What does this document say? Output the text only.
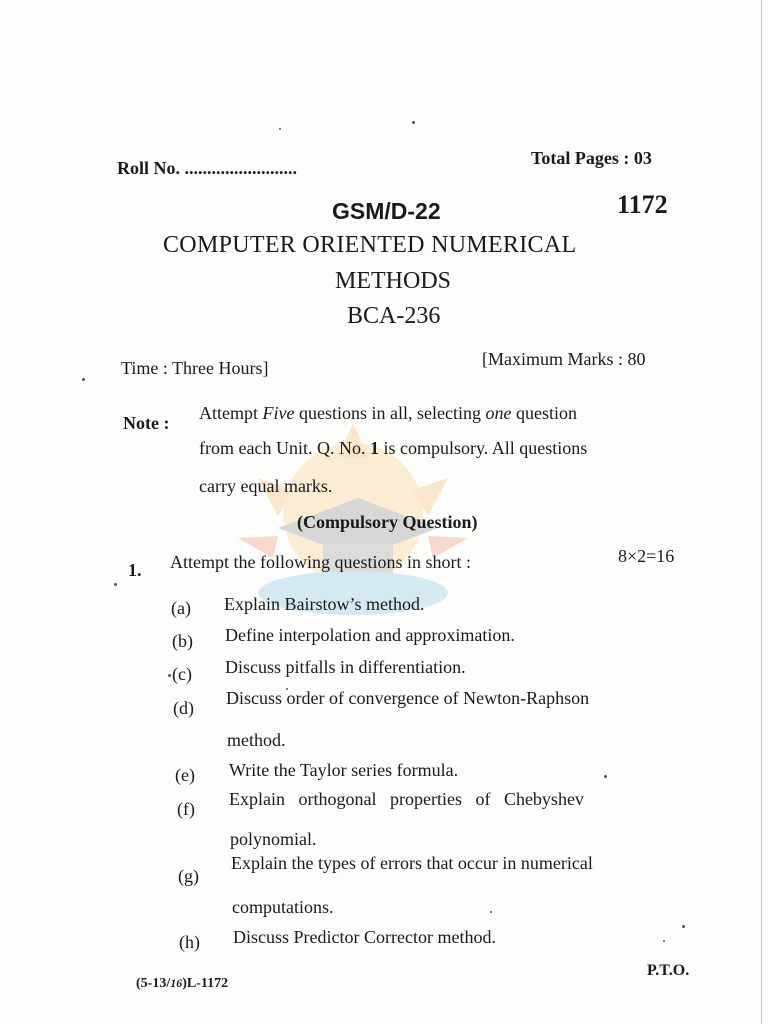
Roll No. .........................	Total Pages : 03
GSM/D-22	1172
COMPUTER ORIENTED NUMERICAL
METHODS
BCA-236
Time : Three Hours]	[Maximum Marks : 80
Note : Attempt Five questions in all, selecting one question
from each Unit. Q. No. 1 is compulsory. All questions
carry equal marks.
(Compulsory Question)
1. Attempt the following questions in short :	8×2=16
(a) Explain Bairstow’s method.
(b) Define interpolation and approximation.
(c) Discuss pitfalls in differentiation.
(d) Discuss order of convergence of Newton-Raphson
method.
(e) Write the Taylor series formula.
(f) Explain   orthogonal   properties   of   Chebyshev
polynomial.
(g)
Explain the types of errors that occur in numerical
computations.
(h) Discuss Predictor Corrector method.
(5-13/16)L-1172
P.T.O.
